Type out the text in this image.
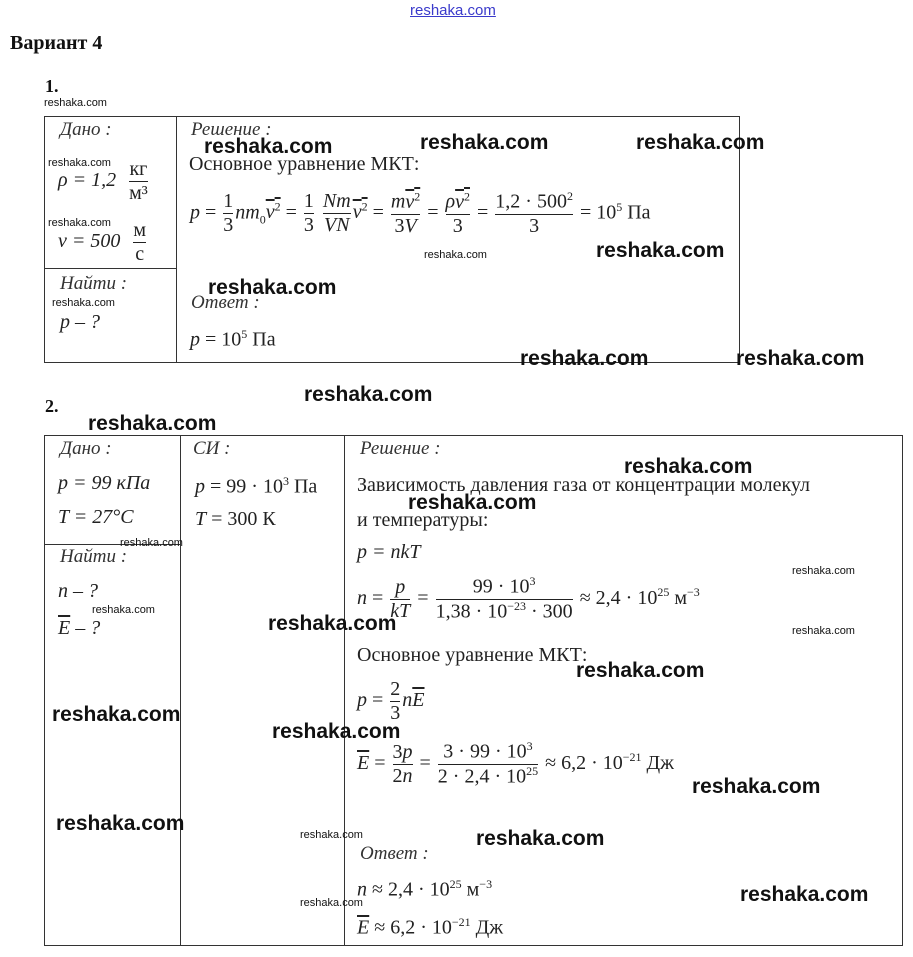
reshaka.com
Вариант 4
1.
Дано :
$\rho = 1,2 \frac{кг}{\text{м³}}$
$v = 500 \frac{м}{с}$
Найти :
p – ?
Решение :
Основное уравнение МКТ:
$p = \frac{1}{3} nm_0v^2 = \frac{1}{3}$
$\frac{Nm}{VN} v^2 = \frac{mv^2}{3V} = \frac{\rho v^2}{3} = \frac{1,2 \cdot 500^2}{3} = 10^5$ Па
Ответ :
$p = 10^5$ Па
2.
Дано :
p = 99 кПа
T = 27°C
Найти :
n – ?
$\overline{E}$ – ?
СИ :
$p = 99 \cdot 10^3$ Па
T = 300 К
Решение :
Зависимость давления газа от концентрации молекул
и температуры:
p = nkT
$n = \frac{p}{kT} = \frac{99 \cdot 10^3}{1,38 \cdot 10^{-23} \cdot 300} \approx 2,4 \cdot 10^{25}$ $м^{-3}$
Основное уравнение МКТ:
$p = \frac{2}{3} n\overline{E}$
$\overline{E} = \frac{3p}{2n} = \frac{3 \cdot 99 \cdot 10^3}{2 \cdot 2,4 \cdot 10^{25}} \approx 6,2 \cdot 10^{-21}$ Дж
Ответ :
$n \approx 2,4 \cdot 10^{25}$ $м^{-3}$
$\overline{E} \approx 6,2 \cdot 10^{-21}$ Дж
reshaka.com
reshaka.com	reshaka.com	reshaka.com
reshaka.com
reshaka.com
reshaka.com
reshaka.com
reshaka.com
reshaka.com
reshaka.com	reshaka.com
reshaka.com
reshaka.com
reshaka.com
reshaka.com
reshaka.com
reshaka.com
reshaka.com
reshaka.com	reshaka.com
reshaka.com
reshaka.com
reshaka.com
reshaka.com
reshaka.com	reshaka.com	reshaka.com
reshaka.com
reshaka.com
